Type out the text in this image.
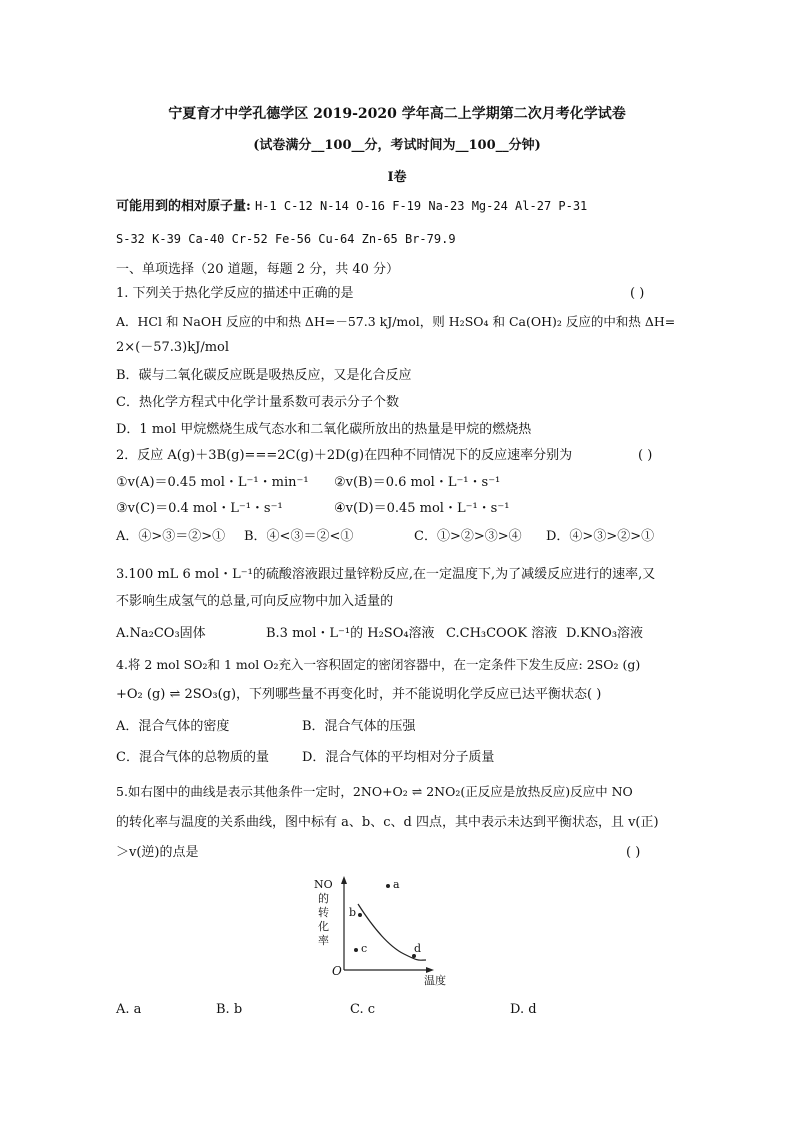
宁夏育才中学孔德学区 2019-2020 学年高二上学期第二次月考化学试卷
(试卷满分__100__分，考试时间为__100__分钟)
I卷
可能用到的相对原子量: H-1 C-12 N-14 O-16 F-19 Na-23 Mg-24 Al-27 P-31
S-32 K-39 Ca-40 Cr-52 Fe-56 Cu-64 Zn-65 Br-79.9
一、单项选择（20 道题，每题 2 分，共 40 分）
1. 下列关于热化学反应的描述中正确的是	( )
A．HCl 和 NaOH 反应的中和热 ΔH=－57.3 kJ/mol，则 H₂SO₄ 和 Ca(OH)₂ 反应的中和热 ΔH=
2×(－57.3)kJ/mol
B．碳与二氧化碳反应既是吸热反应，又是化合反应
C．热化学方程式中化学计量系数可表示分子个数
D．1 mol 甲烷燃烧生成气态水和二氧化碳所放出的热量是甲烷的燃烧热
2．反应 A(g)＋3B(g)===2C(g)＋2D(g)在四种不同情况下的反应速率分别为	( )
①v(A)＝0.45 mol・L⁻¹・min⁻¹ ②v(B)＝0.6 mol・L⁻¹・s⁻¹
③v(C)＝0.4 mol・L⁻¹・s⁻¹	④v(D)＝0.45 mol・L⁻¹・s⁻¹
A．④>③＝②>① B．④<③＝②<①	C．①>②>③>④ D．④>③>②>①
3.100 mL 6 mol・L⁻¹的硫酸溶液跟过量锌粉反应,在一定温度下,为了减缓反应进行的速率,又
不影响生成氢气的总量,可向反应物中加入适量的
A.Na₂CO₃固体	B.3 mol・L⁻¹的 H₂SO₄溶液 C.CH₃COOK 溶液 D.KNO₃溶液
4.将 2 mol SO₂和 1 mol O₂充入一容积固定的密闭容器中，在一定条件下发生反应: 2SO₂ (g)
+O₂ (g) ⇌ 2SO₃(g)，下列哪些量不再变化时，并不能说明化学反应已达平衡状态( )
A．混合气体的密度	B．混合气体的压强
C．混合气体的总物质的量	D．混合气体的平均相对分子质量
5.如右图中的曲线是表示其他条件一定时，2NO+O₂ ⇌ 2NO₂(正反应是放热反应)反应中 NO
的转化率与温度的关系曲线，图中标有 a、b、c、d 四点，其中表示未达到平衡状态，且 v(正)
＞v(逆)的点是	( )
NO
的转化率
O
温度
a
b
c	d
A. a	B. b	C. c	D. d
